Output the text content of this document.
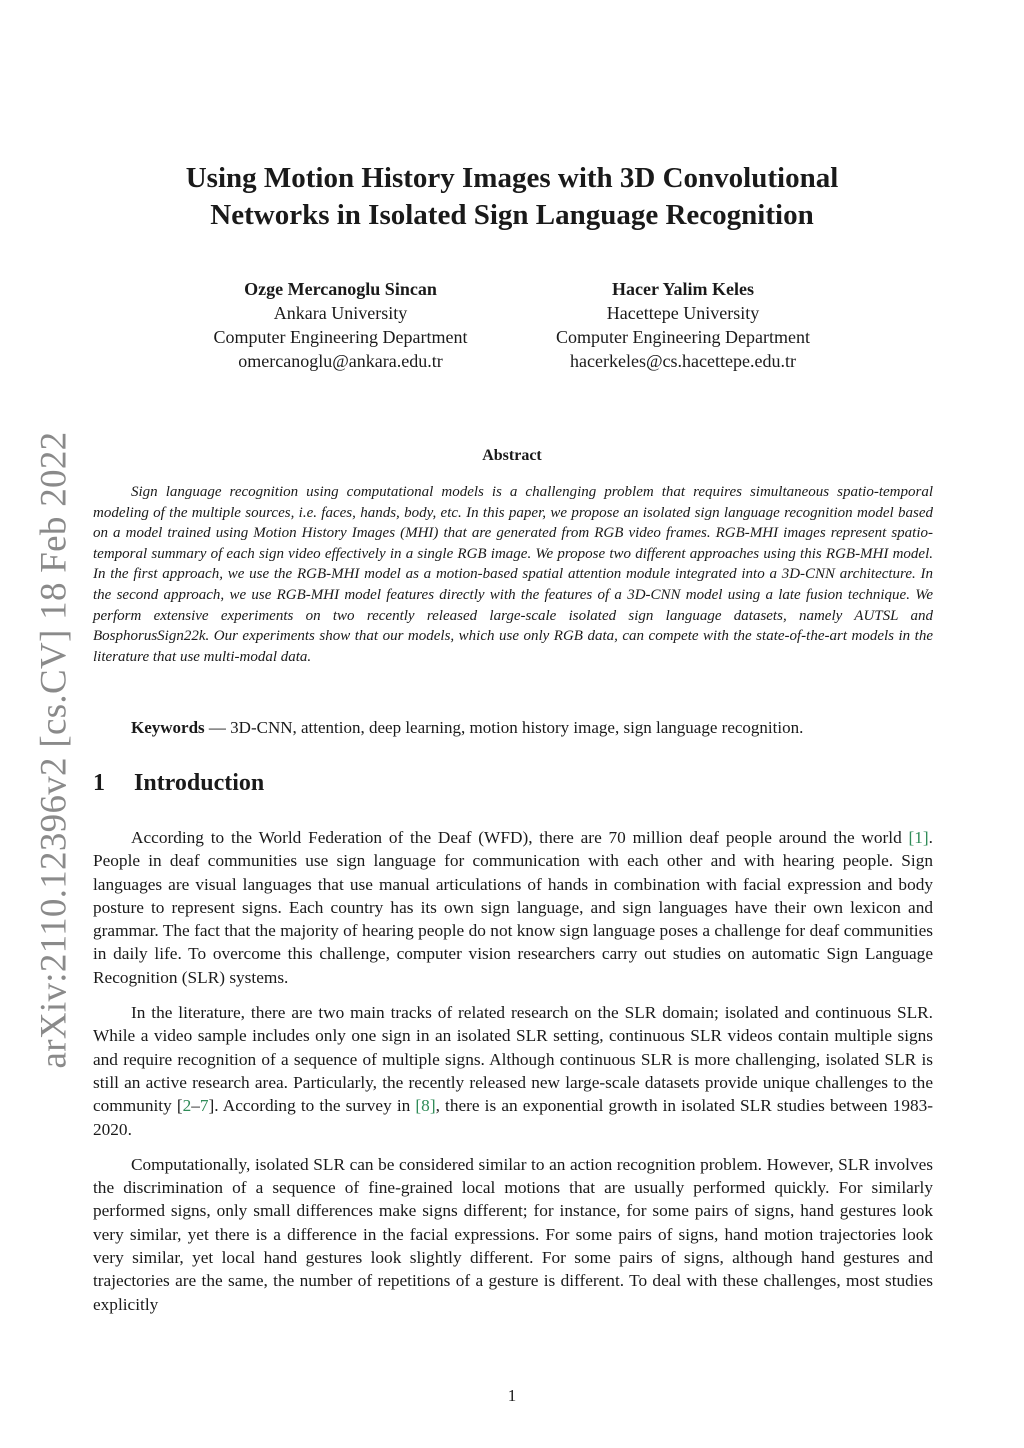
Using Motion History Images with 3D Convolutional
Networks in Isolated Sign Language Recognition
Ozge Mercanoglu Sincan
Ankara University
Computer Engineering Department
omercanoglu@ankara.edu.tr
Hacer Yalim Keles
Hacettepe University
Computer Engineering Department
hacerkeles@cs.hacettepe.edu.tr
arXiv:2110.12396v2 [cs.CV] 18 Feb 2022	Abstract
Sign language recognition using computational models is a challenging problem that requires simultaneous spatio-temporal modeling of the multiple sources, i.e. faces, hands, body, etc. In this paper, we propose an isolated sign language recognition model based on a model trained using Motion History Images (MHI) that are generated from RGB video frames. RGB-MHI images represent spatio-temporal summary of each sign video effectively in a single RGB image. We propose two different approaches using this RGB-MHI model. In the first approach, we use the RGB-MHI model as a motion-based spatial attention module integrated into a 3D-CNN architecture. In the second approach, we use RGB-MHI model features directly with the features of a 3D-CNN model using a late fusion technique. We perform extensive experiments on two recently released large-scale isolated sign language datasets, namely AUTSL and BosphorusSign22k. Our experiments show that our models, which use only RGB data, can compete with the state-of-the-art models in the literature that use multi-modal data.
Keywords — 3D-CNN, attention, deep learning, motion history image, sign language recognition.
1 Introduction

According to the World Federation of the Deaf (WFD), there are 70 million deaf people around the world [1]. People in deaf communities use sign language for communication with each other and with hearing people. Sign languages are visual languages that use manual articulations of hands in combination with facial expression and body posture to represent signs. Each country has its own sign language, and sign languages have their own lexicon and grammar. The fact that the majority of hearing people do not know sign language poses a challenge for deaf communities in daily life. To overcome this challenge, computer vision researchers carry out studies on automatic Sign Language Recognition (SLR) systems.

In the literature, there are two main tracks of related research on the SLR domain; isolated and continuous SLR. While a video sample includes only one sign in an isolated SLR setting, continuous SLR videos contain multiple signs and require recognition of a sequence of multiple signs. Although continuous SLR is more challenging, isolated SLR is still an active research area. Particularly, the recently released new large-scale datasets provide unique challenges to the community [2–7]. According to the survey in [8], there is an exponential growth in isolated SLR studies between 1983-2020.

Computationally, isolated SLR can be considered similar to an action recognition problem. However, SLR involves the discrimination of a sequence of fine-grained local motions that are usually performed quickly. For similarly performed signs, only small differences make signs different; for instance, for some pairs of signs, hand gestures look very similar, yet there is a difference in the facial expressions. For some pairs of signs, hand motion trajectories look very similar, yet local hand gestures look slightly different. For some pairs of signs, although hand gestures and trajectories are the same, the number of repetitions of a gesture is different. To deal with these challenges, most studies explicitly

1
